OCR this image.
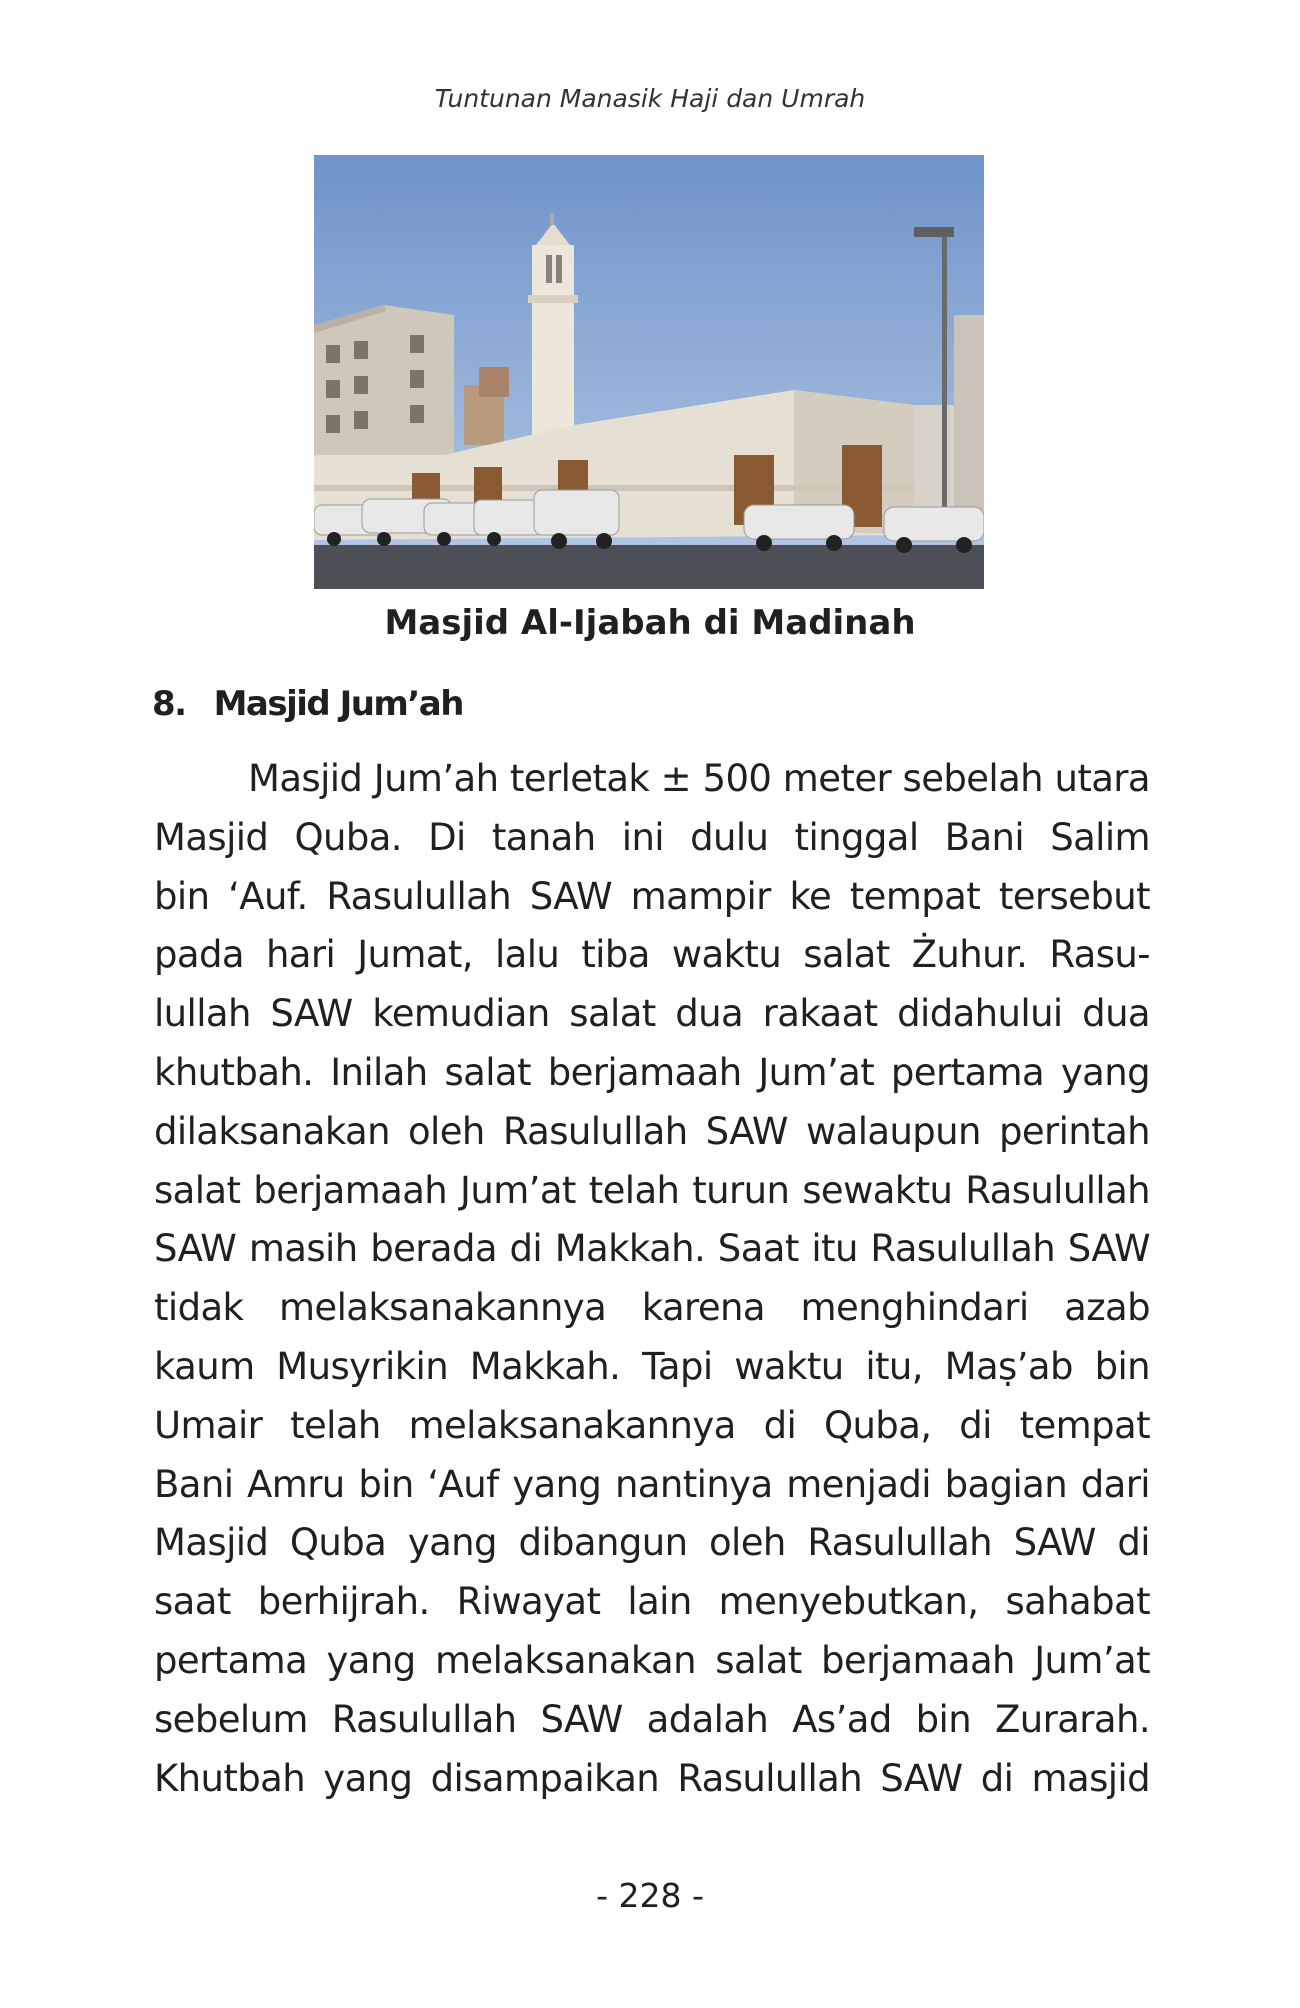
Tuntunan Manasik Haji dan Umrah
Masjid Al-Ijabah di Madinah
8. Masjid Jum’ah
Masjid Jum’ah terletak ± 500 meter sebelah utara
Masjid Quba. Di tanah ini dulu tinggal Bani Salim
bin ‘Auf. Rasulullah SAW mampir ke tempat tersebut
pada hari Jumat, lalu tiba waktu salat Żuhur. Rasu-
lullah SAW kemudian salat dua rakaat didahului dua
khutbah. Inilah salat berjamaah Jum’at pertama yang
dilaksanakan oleh Rasulullah SAW walaupun perintah
salat berjamaah Jum’at telah turun sewaktu Rasulullah
SAW masih berada di Makkah. Saat itu Rasulullah SAW
tidak melaksanakannya karena menghindari azab
kaum Musyrikin Makkah. Tapi waktu itu, Maṣ’ab bin
Umair telah melaksanakannya di Quba, di tempat
Bani Amru bin ‘Auf yang nantinya menjadi bagian dari
Masjid Quba yang dibangun oleh Rasulullah SAW di
saat berhijrah. Riwayat lain menyebutkan, sahabat
pertama yang melaksanakan salat berjamaah Jum’at
sebelum Rasulullah SAW adalah As’ad bin Zurarah.
Khutbah yang disampaikan Rasulullah SAW di masjid
- 228 -
